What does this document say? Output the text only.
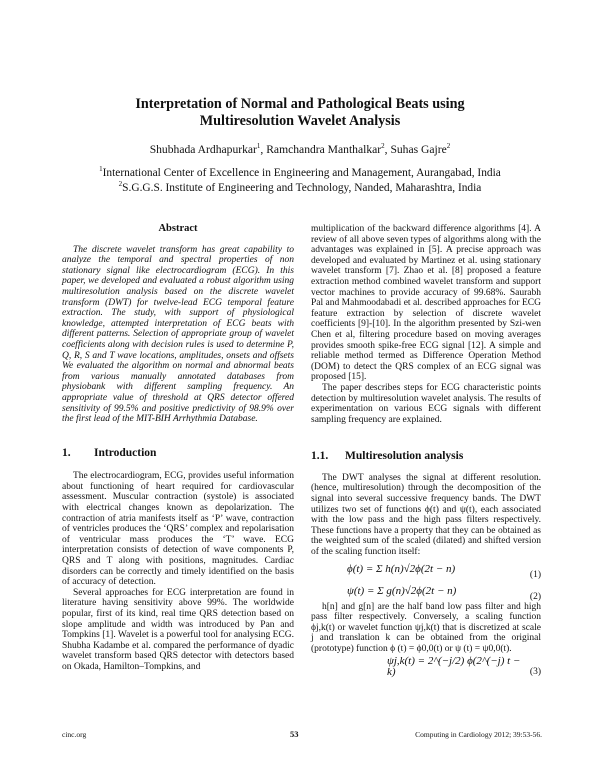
Interpretation of Normal and Pathological Beats using
Multiresolution Wavelet Analysis
Shubhada Ardhapurkar$^1$, Ramchandra Manthalkar$^2$, Suhas Gajre$^2$
$^1$International Center of Excellence in Engineering and Management, Aurangabad, India
$^2$S.G.G.S. Institute of Engineering and Technology, Nanded, Maharashtra, India
Abstract

The discrete wavelet transform has great capability to analyze the temporal and spectral properties of non stationary signal like electrocardiogram (ECG). In this paper, we developed and evaluated a robust algorithm using multiresolution analysis based on the discrete wavelet transform (DWT) for twelve-lead ECG temporal feature extraction. The study, with support of physiological knowledge, attempted interpretation of ECG beats with different patterns. Selection of appropriate group of wavelet coefficients along with decision rules is used to determine P, Q, R, S and T wave locations, amplitudes, onsets and offsets We evaluated the algorithm on normal and abnormal beats from various manually annotated databases from physiobank with different sampling frequency. An appropriate value of threshold at QRS detector offered sensitivity of 99.5% and positive predictivity of 98.9% over the first lead of the MIT-BIH Arrhythmia Database.

1.	Introduction

The electrocardiogram, ECG, provides useful information about functioning of heart required for cardiovascular assessment. Muscular contraction (systole) is associated with electrical changes known as depolarization. The contraction of atria manifests itself as ‘P’ wave, contraction of ventricles produces the ‘QRS’ complex and repolarisation of ventricular mass produces the ‘T’ wave. ECG interpretation consists of detection of wave components P, QRS and T along with positions, magnitudes. Cardiac disorders can be correctly and timely identified on the basis of accuracy of detection.

Several approaches for ECG interpretation are found in literature having sensitivity above 99%. The worldwide popular, first of its kind, real time QRS detection based on slope amplitude and width was introduced by Pan and Tompkins [1]. Wavelet is a powerful tool for analysing ECG. Shubha Kadambe et al. compared the performance of dyadic wavelet transform based QRS detector with detectors based on Okada, Hamilton–Tompkins, and

multiplication of the backward difference algorithms [4]. A review of all above seven types of algorithms along with the advantages was explained in [5]. A precise approach was developed and evaluated by Martinez et al. using stationary wavelet transform [7]. Zhao et al. [8] proposed a feature extraction method combined wavelet transform and support vector machines to provide accuracy of 99.68%. Saurabh Pal and Mahmoodabadi et al. described approaches for ECG feature extraction by selection of discrete wavelet coefficients [9]-[10]. In the algorithm presented by Szi-wen Chen et al, filtering procedure based on moving averages provides smooth spike-free ECG signal [12]. A simple and reliable method termed as Difference Operation Method (DOM) to detect the QRS complex of an ECG signal was proposed [15].

The paper describes steps for ECG characteristic points detection by multiresolution wavelet analysis. The results of experimentation on various ECG signals with different sampling frequency are explained.

1.1.	Multiresolution analysis

The DWT analyses the signal at different resolution. (hence, multiresolution) through the decomposition of the signal into several successive frequency bands. The DWT utilizes two set of functions ϕ(t) and ψ(t), each associated with the low pass and the high pass filters respectively. These functions have a property that they can be obtained as the weighted sum of the scaled (dilated) and shifted version of the scaling function itself:

ϕ(t) = Σ h(n)√2ϕ(2t − n)	(1)
ψ(t) = Σ g(n)√2ϕ(2t − n)	(2)

h[n] and g[n] are the half band low pass filter and high pass filter respectively. Conversely, a scaling function ϕj,k(t) or wavelet function ψj,k(t) that is discretized at scale j and translation k can be obtained from the original (prototype) function ϕ (t) = ϕ0,0(t) or ψ (t) = ψ0,0(t).

ψj,k(t) = 2^(−j/2) ϕ(2^(−j) t − k)	(3)
cinc.org	53	Computing in Cardiology 2012; 39:53-56.
